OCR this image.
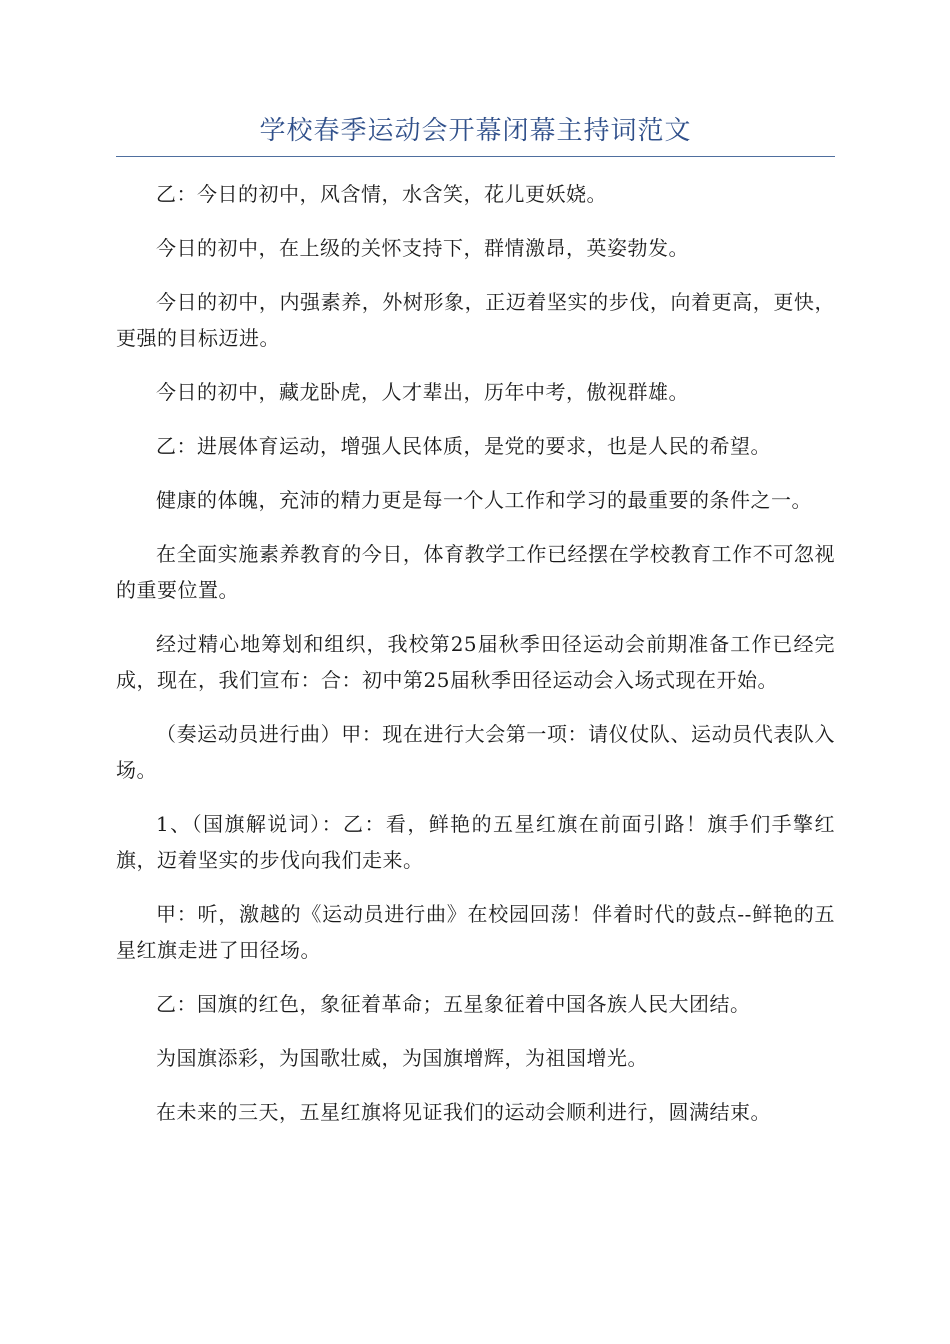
学校春季运动会开幕闭幕主持词范文

乙：今日的初中，风含情，水含笑，花儿更妖娆。

今日的初中，在上级的关怀支持下，群情激昂，英姿勃发。

今日的初中，内强素养，外树形象，正迈着坚实的步伐，向着更高，更快，更强的目标迈进。

今日的初中，藏龙卧虎，人才辈出，历年中考，傲视群雄。

乙：进展体育运动，增强人民体质，是党的要求，也是人民的希望。

健康的体魄，充沛的精力更是每一个人工作和学习的最重要的条件之一。

在全面实施素养教育的今日，体育教学工作已经摆在学校教育工作不可忽视的重要位置。

经过精心地筹划和组织，我校第25届秋季田径运动会前期准备工作已经完成，现在，我们宣布：合：初中第25届秋季田径运动会入场式现在开始。

（奏运动员进行曲）甲：现在进行大会第一项：请仪仗队、运动员代表队入场。

1、（国旗解说词）：乙：看，鲜艳的五星红旗在前面引路！旗手们手擎红旗，迈着坚实的步伐向我们走来。

甲：听，激越的《运动员进行曲》在校园回荡！伴着时代的鼓点--鲜艳的五星红旗走进了田径场。

乙：国旗的红色，象征着革命；五星象征着中国各族人民大团结。

为国旗添彩，为国歌壮威，为国旗增辉，为祖国增光。

在未来的三天，五星红旗将见证我们的运动会顺利进行，圆满结束。
